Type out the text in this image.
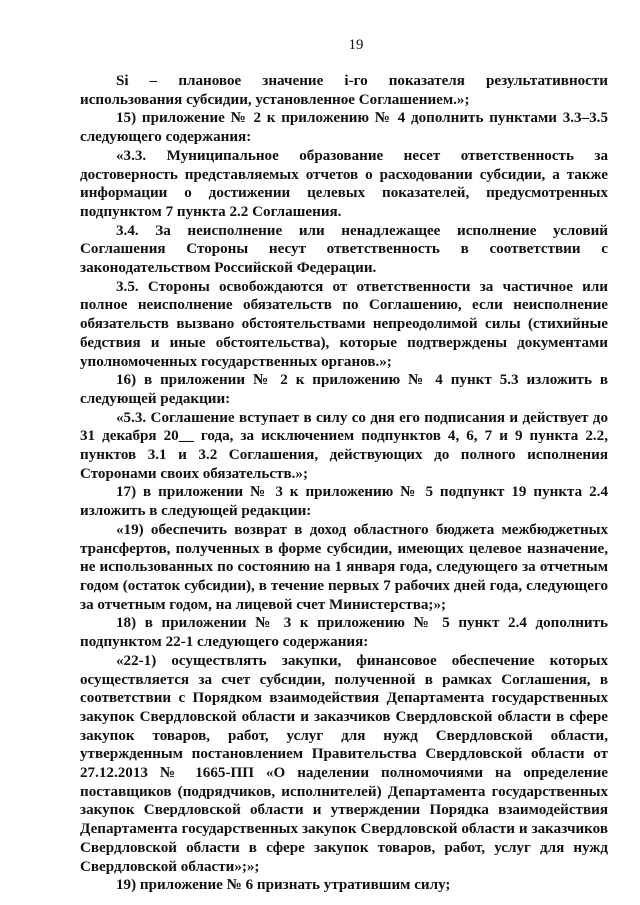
19

Si – плановое значение i-го показателя результативности использования субсидии, установленное Соглашением.»;

15) приложение № 2 к приложению № 4 дополнить пунктами 3.3–3.5 следующего содержания:

«3.3. Муниципальное образование несет ответственность за достоверность представляемых отчетов о расходовании субсидии, а также информации о достижении целевых показателей, предусмотренных подпунктом 7 пункта 2.2 Соглашения.

3.4. За неисполнение или ненадлежащее исполнение условий Соглашения Стороны несут ответственность в соответствии с законодательством Российской Федерации.

3.5. Стороны освобождаются от ответственности за частичное или полное неисполнение обязательств по Соглашению, если неисполнение обязательств вызвано обстоятельствами непреодолимой силы (стихийные бедствия и иные обстоятельства), которые подтверждены документами уполномоченных государственных органов.»;

16) в приложении № 2 к приложению № 4 пункт 5.3 изложить в следующей редакции:

«5.3. Соглашение вступает в силу со дня его подписания и действует до 31 декабря 20__ года, за исключением подпунктов 4, 6, 7 и 9 пункта 2.2, пунктов 3.1 и 3.2 Соглашения, действующих до полного исполнения Сторонами своих обязательств.»;

17) в приложении № 3 к приложению № 5 подпункт 19 пункта 2.4 изложить в следующей редакции:

«19) обеспечить возврат в доход областного бюджета межбюджетных трансфертов, полученных в форме субсидии, имеющих целевое назначение, не использованных по состоянию на 1 января года, следующего за отчетным годом (остаток субсидии), в течение первых 7 рабочих дней года, следующего за отчетным годом, на лицевой счет Министерства;»;

18) в приложении № 3 к приложению № 5 пункт 2.4 дополнить подпунктом 22-1 следующего содержания:

«22-1) осуществлять закупки, финансовое обеспечение которых осуществляется за счет субсидии, полученной в рамках Соглашения, в соответствии с Порядком взаимодействия Департамента государственных закупок Свердловской области и заказчиков Свердловской области в сфере закупок товаров, работ, услуг для нужд Свердловской области, утвержденным постановлением Правительства Свердловской области от 27.12.2013 № 1665-ПП «О наделении полномочиями на определение поставщиков (подрядчиков, исполнителей) Департамента государственных закупок Свердловской области и утверждении Порядка взаимодействия Департамента государственных закупок Свердловской области и заказчиков Свердловской области в сфере закупок товаров, работ, услуг для нужд Свердловской области»;»;

19) приложение № 6 признать утратившим силу;
